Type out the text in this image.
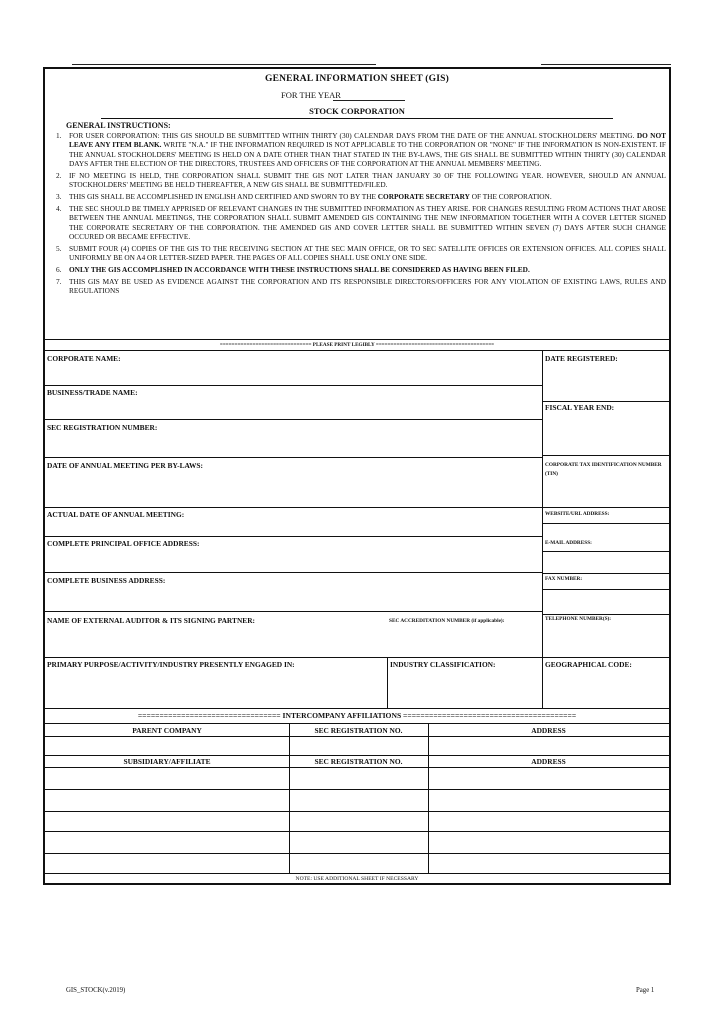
GENERAL INFORMATION SHEET (GIS)
FOR THE YEAR
STOCK CORPORATION
GENERAL INSTRUCTIONS:
1. FOR USER CORPORATION: THIS GIS SHOULD BE SUBMITTED WITHIN THIRTY (30) CALENDAR DAYS FROM THE DATE OF THE ANNUAL STOCKHOLDERS' MEETING. DO NOT LEAVE ANY ITEM BLANK. WRITE "N.A." IF THE INFORMATION REQUIRED IS NOT APPLICABLE TO THE CORPORATION OR "NONE" IF THE INFORMATION IS NON-EXISTENT. IF THE ANNUAL STOCKHOLDERS' MEETING IS HELD ON A DATE OTHER THAN THAT STATED IN THE BY-LAWS, THE GIS SHALL BE SUBMITTED WITHIN THIRTY (30) CALENDAR DAYS AFTER THE ELECTION OF THE DIRECTORS, TRUSTEES AND OFFICERS OF THE CORPORATION AT THE ANNUAL MEMBERS' MEETING.
2. IF NO MEETING IS HELD, THE CORPORATION SHALL SUBMIT THE GIS NOT LATER THAN JANUARY 30 OF THE FOLLOWING YEAR. HOWEVER, SHOULD AN ANNUAL STOCKHOLDERS' MEETING BE HELD THEREAFTER, A NEW GIS SHALL BE SUBMITTED/FILED.
3. THIS GIS SHALL BE ACCOMPLISHED IN ENGLISH AND CERTIFIED AND SWORN TO BY THE CORPORATE SECRETARY OF THE CORPORATION.
4. THE SEC SHOULD BE TIMELY APPRISED OF RELEVANT CHANGES IN THE SUBMITTED INFORMATION AS THEY ARISE. FOR CHANGES RESULTING FROM ACTIONS THAT AROSE BETWEEN THE ANNUAL MEETINGS, THE CORPORATION SHALL SUBMIT AMENDED GIS CONTAINING THE NEW INFORMATION TOGETHER WITH A COVER LETTER SIGNED THE CORPORATE SECRETARY OF THE CORPORATION. THE AMENDED GIS AND COVER LETTER SHALL BE SUBMITTED WITHIN SEVEN (7) DAYS AFTER SUCH CHANGE OCCURED OR BECAME EFFECTIVE.
5. SUBMIT FOUR (4) COPIES OF THE GIS TO THE RECEIVING SECTION AT THE SEC MAIN OFFICE, OR TO SEC SATELLITE OFFICES OR EXTENSION OFFICES. ALL COPIES SHALL UNIFORMLY BE ON A4 OR LETTER-SIZED PAPER. THE PAGES OF ALL COPIES SHALL USE ONLY ONE SIDE.
6. ONLY THE GIS ACCOMPLISHED IN ACCORDANCE WITH THESE INSTRUCTIONS SHALL BE CONSIDERED AS HAVING BEEN FILED.
7. THIS GIS MAY BE USED AS EVIDENCE AGAINST THE CORPORATION AND ITS RESPONSIBLE DIRECTORS/OFFICERS FOR ANY VIOLATION OF EXISTING LAWS, RULES AND REGULATIONS
=============================== PLEASE PRINT LEGIBLY ========================================
CORPORATE NAME:
BUSINESS/TRADE NAME:
SEC REGISTRATION NUMBER:
DATE OF ANNUAL MEETING PER BY-LAWS:
ACTUAL DATE OF ANNUAL MEETING:
COMPLETE PRINCIPAL OFFICE ADDRESS:
COMPLETE BUSINESS ADDRESS:
NAME OF EXTERNAL AUDITOR & ITS SIGNING PARTNER:	SEC ACCREDITATION NUMBER (if applicable):
PRIMARY PURPOSE/ACTIVITY/INDUSTRY PRESENTLY ENGAGED IN:	INDUSTRY CLASSIFICATION:
DATE REGISTERED:
FISCAL YEAR END:
CORPORATE TAX IDENTIFICATION NUMBER (TIN)
WEBSITE/URL ADDRESS:
E-MAIL ADDRESS:
FAX NUMBER:
TELEPHONE NUMBER(S):
GEOGRAPHICAL CODE:
================================= INTERCOMPANY AFFILIATIONS ========================================
PARENT COMPANY	SEC REGISTRATION NO.	ADDRESS
SUBSIDIARY/AFFILIATE	SEC REGISTRATION NO.	ADDRESS
NOTE: USE ADDITIONAL SHEET IF NECESSARY
GIS_STOCK(v.2019)	Page 1
